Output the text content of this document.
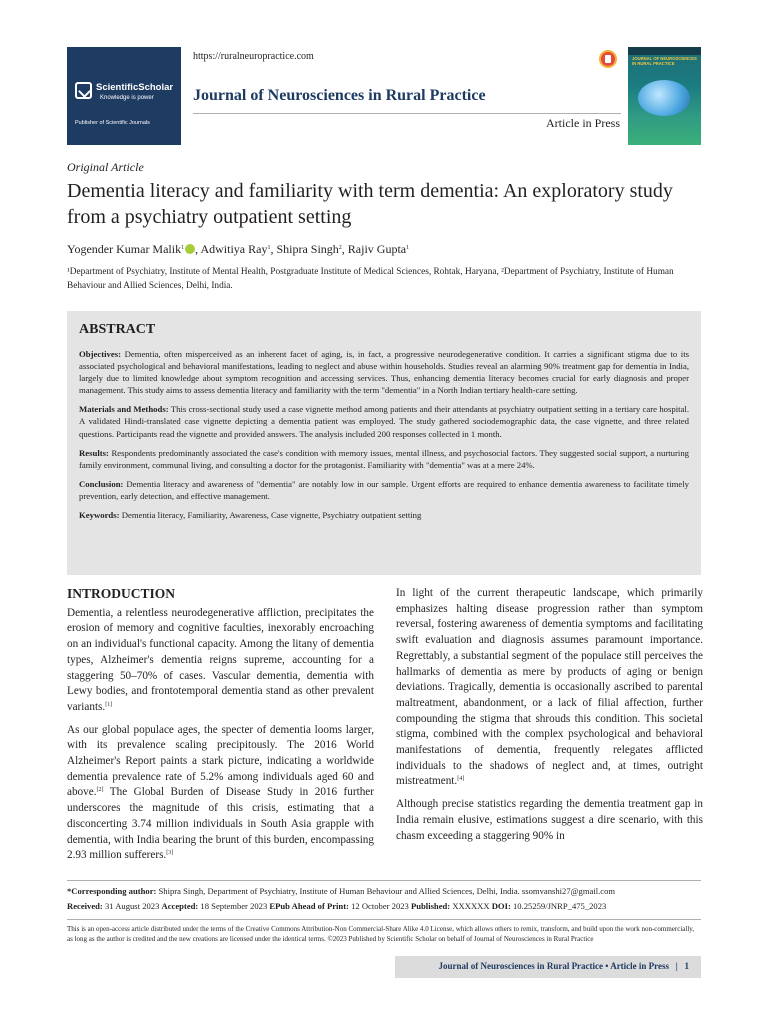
ScientificScholar
Knowledge is power
Publisher of Scientific Journals
https://ruralneuropractice.com
Journal of Neurosciences in Rural Practice
Article in Press
JOURNAL OF NEUROSCIENCES IN RURAL PRACTICE
Original Article
Dementia literacy and familiarity with term dementia: An exploratory study from a psychiatry outpatient setting
Yogender Kumar Malik$^1$ , Adwitiya Ray$^1$, Shipra Singh$^2$, Rajiv Gupta$^1$
¹Department of Psychiatry, Institute of Mental Health, Postgraduate Institute of Medical Sciences, Rohtak, Haryana, ²Department of Psychiatry, Institute of Human Behaviour and Allied Sciences, Delhi, India.
ABSTRACT

Objectives: Dementia, often misperceived as an inherent facet of aging, is, in fact, a progressive neurodegenerative condition. It carries a significant stigma due to its associated psychological and behavioral manifestations, leading to neglect and abuse within households. Studies reveal an alarming 90% treatment gap for dementia in India, largely due to limited knowledge about symptom recognition and accessing services. Thus, enhancing dementia literacy becomes crucial for early diagnosis and proper management. This study aims to assess dementia literacy and familiarity with the term "dementia" in a North Indian tertiary health-care setting.

Materials and Methods: This cross-sectional study used a case vignette method among patients and their attendants at psychiatry outpatient setting in a tertiary care hospital. A validated Hindi-translated case vignette depicting a dementia patient was employed. The study gathered sociodemographic data, the case vignette, and three related questions. Participants read the vignette and provided answers. The analysis included 200 responses collected in 1 month.

Results: Respondents predominantly associated the case's condition with memory issues, mental illness, and psychosocial factors. They suggested social support, a nurturing family environment, communal living, and consulting a doctor for the protagonist. Familiarity with "dementia" was at a mere 24%.

Conclusion: Dementia literacy and awareness of "dementia" are notably low in our sample. Urgent efforts are required to enhance dementia awareness to facilitate timely prevention, early detection, and effective management.

Keywords: Dementia literacy, Familiarity, Awareness, Case vignette, Psychiatry outpatient setting

INTRODUCTION

Dementia, a relentless neurodegenerative affliction, precipitates the erosion of memory and cognitive faculties, inexorably encroaching on an individual's functional capacity. Among the litany of dementia types, Alzheimer's dementia reigns supreme, accounting for a staggering 50–70% of cases. Vascular dementia, dementia with Lewy bodies, and frontotemporal dementia stand as other prevalent variants.[1]

As our global populace ages, the specter of dementia looms larger, with its prevalence scaling precipitously. The 2016 World Alzheimer's Report paints a stark picture, indicating a worldwide dementia prevalence rate of 5.2% among individuals aged 60 and above.[2] The Global Burden of Disease Study in 2016 further underscores the magnitude of this crisis, estimating that a disconcerting 3.74 million individuals in South Asia grapple with dementia, with India bearing the brunt of this burden, encompassing 2.93 million sufferers.[3]

In light of the current therapeutic landscape, which primarily emphasizes halting disease progression rather than symptom reversal, fostering awareness of dementia symptoms and facilitating swift evaluation and diagnosis assumes paramount importance. Regrettably, a substantial segment of the populace still perceives the hallmarks of dementia as mere by products of aging or benign deviations. Tragically, dementia is occasionally ascribed to parental maltreatment, abandonment, or a lack of filial affection, further compounding the stigma that shrouds this condition. This societal stigma, combined with the complex psychological and behavioral manifestations of dementia, frequently relegates afflicted individuals to the shadows of neglect and, at times, outright mistreatment.[4]

Although precise statistics regarding the dementia treatment gap in India remain elusive, estimations suggest a dire scenario, with this chasm exceeding a staggering 90% in

*Corresponding author: Shipra Singh, Department of Psychiatry, Institute of Human Behaviour and Allied Sciences, Delhi, India. ssomvanshi27@gmail.com
Received: 31 August 2023 Accepted: 18 September 2023 EPub Ahead of Print: 12 October 2023 Published: XXXXXX DOI: 10.25259/JNRP_475_2023
This is an open-access article distributed under the terms of the Creative Commons Attribution-Non Commercial-Share Alike 4.0 License, which allows others to remix, transform, and build upon the work non-commercially, as long as the author is credited and the new creations are licensed under the identical terms. ©2023 Published by Scientific Scholar on behalf of Journal of Neurosciences in Rural Practice
Journal of Neurosciences in Rural Practice • Article in Press   |   1
